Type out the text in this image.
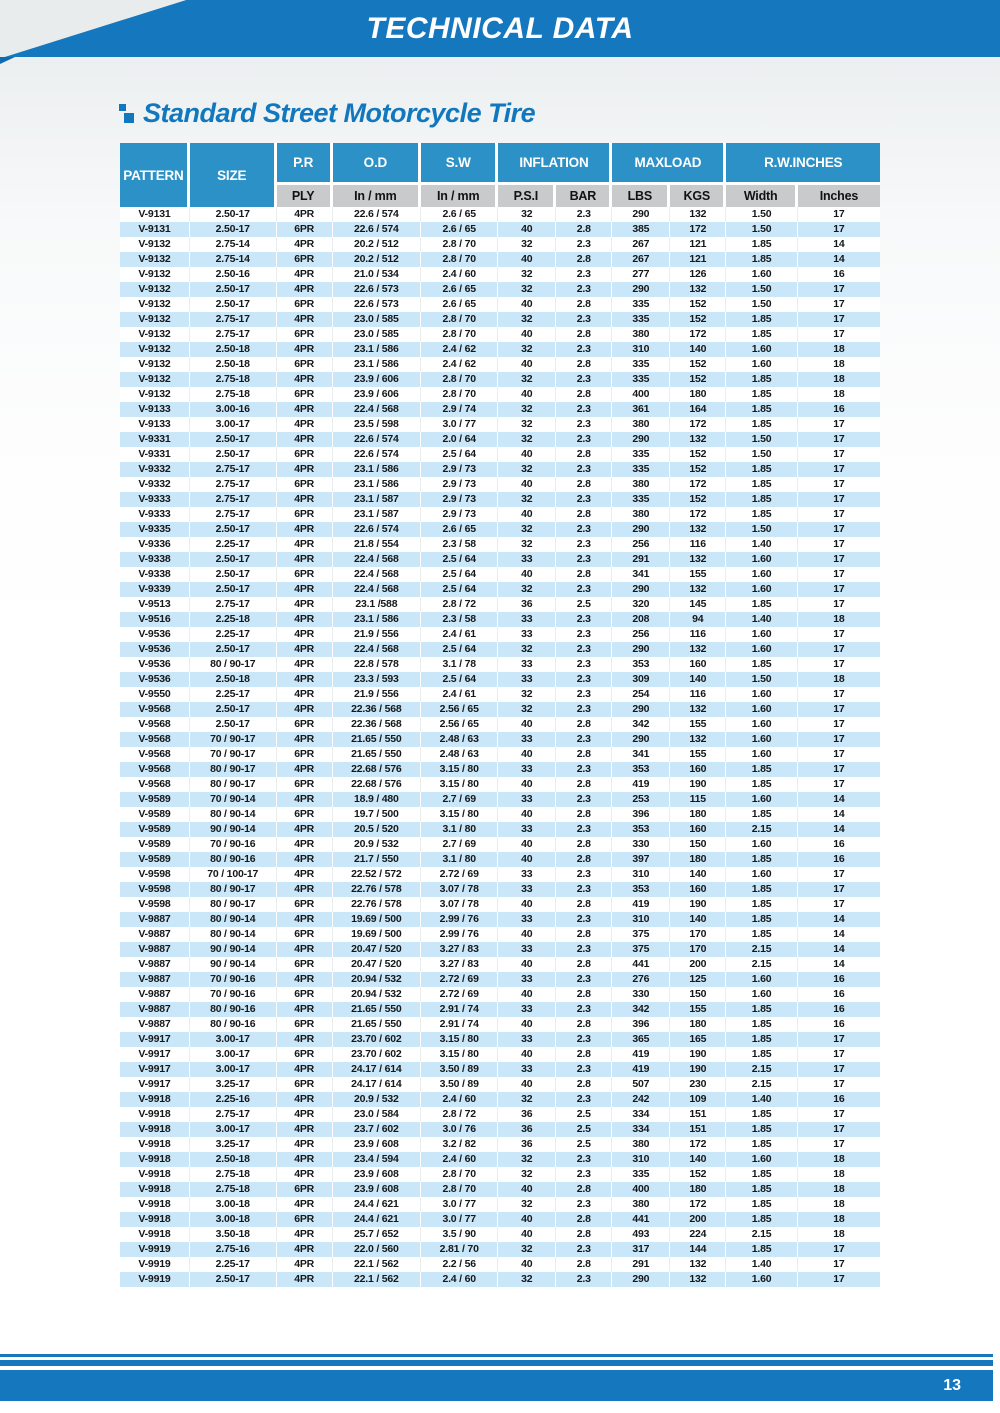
TECHNICAL DATA
Standard Street Motorcycle Tire
PATTERN	SIZE	P.R	O.D	S.W	INFLATION		MAXLOAD		R.W.INCHES	
		PLY	In / mm	In / mm	P.S.I	BAR	LBS	KGS	Width	Inches
V-9131	2.50-17	4PR	22.6 / 574	2.6 / 65	32	2.3	290	132	1.50	17
V-9131	2.50-17	6PR	22.6 / 574	2.6 / 65	40	2.8	385	172	1.50	17
V-9132	2.75-14	4PR	20.2 / 512	2.8 / 70	32	2.3	267	121	1.85	14
V-9132	2.75-14	6PR	20.2 / 512	2.8 / 70	40	2.8	267	121	1.85	14
V-9132	2.50-16	4PR	21.0 / 534	2.4 / 60	32	2.3	277	126	1.60	16
V-9132	2.50-17	4PR	22.6 / 573	2.6 / 65	32	2.3	290	132	1.50	17
V-9132	2.50-17	6PR	22.6 / 573	2.6 / 65	40	2.8	335	152	1.50	17
V-9132	2.75-17	4PR	23.0 / 585	2.8 / 70	32	2.3	335	152	1.85	17
V-9132	2.75-17	6PR	23.0 / 585	2.8 / 70	40	2.8	380	172	1.85	17
V-9132	2.50-18	4PR	23.1 / 586	2.4 / 62	32	2.3	310	140	1.60	18
V-9132	2.50-18	6PR	23.1 / 586	2.4 / 62	40	2.8	335	152	1.60	18
V-9132	2.75-18	4PR	23.9 / 606	2.8 / 70	32	2.3	335	152	1.85	18
V-9132	2.75-18	6PR	23.9 / 606	2.8 / 70	40	2.8	400	180	1.85	18
V-9133	3.00-16	4PR	22.4 / 568	2.9 / 74	32	2.3	361	164	1.85	16
V-9133	3.00-17	4PR	23.5 / 598	3.0 / 77	32	2.3	380	172	1.85	17
V-9331	2.50-17	4PR	22.6 / 574	2.0 / 64	32	2.3	290	132	1.50	17
V-9331	2.50-17	6PR	22.6 / 574	2.5 / 64	40	2.8	335	152	1.50	17
V-9332	2.75-17	4PR	23.1 / 586	2.9 / 73	32	2.3	335	152	1.85	17
V-9332	2.75-17	6PR	23.1 / 586	2.9 / 73	40	2.8	380	172	1.85	17
V-9333	2.75-17	4PR	23.1 / 587	2.9 / 73	32	2.3	335	152	1.85	17
V-9333	2.75-17	6PR	23.1 / 587	2.9 / 73	40	2.8	380	172	1.85	17
V-9335	2.50-17	4PR	22.6 / 574	2.6 / 65	32	2.3	290	132	1.50	17
V-9336	2.25-17	4PR	21.8 / 554	2.3 / 58	32	2.3	256	116	1.40	17
V-9338	2.50-17	4PR	22.4 / 568	2.5 / 64	33	2.3	291	132	1.60	17
V-9338	2.50-17	6PR	22.4 / 568	2.5 / 64	40	2.8	341	155	1.60	17
V-9339	2.50-17	4PR	22.4 / 568	2.5 / 64	32	2.3	290	132	1.60	17
V-9513	2.75-17	4PR	23.1 /588	2.8 / 72	36	2.5	320	145	1.85	17
V-9516	2.25-18	4PR	23.1 / 586	2.3 / 58	33	2.3	208	94	1.40	18
V-9536	2.25-17	4PR	21.9 / 556	2.4 / 61	33	2.3	256	116	1.60	17
V-9536	2.50-17	4PR	22.4 / 568	2.5 / 64	32	2.3	290	132	1.60	17
V-9536	80 / 90-17	4PR	22.8 / 578	3.1 / 78	33	2.3	353	160	1.85	17
V-9536	2.50-18	4PR	23.3 / 593	2.5 / 64	33	2.3	309	140	1.50	18
V-9550	2.25-17	4PR	21.9 / 556	2.4 / 61	32	2.3	254	116	1.60	17
V-9568	2.50-17	4PR	22.36 / 568	2.56 / 65	32	2.3	290	132	1.60	17
V-9568	2.50-17	6PR	22.36 / 568	2.56 / 65	40	2.8	342	155	1.60	17
V-9568	70 / 90-17	4PR	21.65 / 550	2.48 / 63	33	2.3	290	132	1.60	17
V-9568	70 / 90-17	6PR	21.65 / 550	2.48 / 63	40	2.8	341	155	1.60	17
V-9568	80 / 90-17	4PR	22.68 / 576	3.15 / 80	33	2.3	353	160	1.85	17
V-9568	80 / 90-17	6PR	22.68 / 576	3.15 / 80	40	2.8	419	190	1.85	17
V-9589	70 / 90-14	4PR	18.9 / 480	2.7 / 69	33	2.3	253	115	1.60	14
V-9589	80 / 90-14	6PR	19.7 / 500	3.15 / 80	40	2.8	396	180	1.85	14
V-9589	90 / 90-14	4PR	20.5 / 520	3.1 / 80	33	2.3	353	160	2.15	14
V-9589	70 / 90-16	4PR	20.9 / 532	2.7 / 69	40	2.8	330	150	1.60	16
V-9589	80 / 90-16	4PR	21.7 / 550	3.1 / 80	40	2.8	397	180	1.85	16
V-9598	70 / 100-17	4PR	22.52 / 572	2.72 / 69	33	2.3	310	140	1.60	17
V-9598	80 / 90-17	4PR	22.76 / 578	3.07 / 78	33	2.3	353	160	1.85	17
V-9598	80 / 90-17	6PR	22.76 / 578	3.07 / 78	40	2.8	419	190	1.85	17
V-9887	80 / 90-14	4PR	19.69 / 500	2.99 / 76	33	2.3	310	140	1.85	14
V-9887	80 / 90-14	6PR	19.69 / 500	2.99 / 76	40	2.8	375	170	1.85	14
V-9887	90 / 90-14	4PR	20.47 / 520	3.27 / 83	33	2.3	375	170	2.15	14
V-9887	90 / 90-14	6PR	20.47 / 520	3.27 / 83	40	2.8	441	200	2.15	14
V-9887	70 / 90-16	4PR	20.94 / 532	2.72 / 69	33	2.3	276	125	1.60	16
V-9887	70 / 90-16	6PR	20.94 / 532	2.72 / 69	40	2.8	330	150	1.60	16
V-9887	80 / 90-16	4PR	21.65 / 550	2.91 / 74	33	2.3	342	155	1.85	16
V-9887	80 / 90-16	6PR	21.65 / 550	2.91 / 74	40	2.8	396	180	1.85	16
V-9917	3.00-17	4PR	23.70 / 602	3.15 / 80	33	2.3	365	165	1.85	17
V-9917	3.00-17	6PR	23.70 / 602	3.15 / 80	40	2.8	419	190	1.85	17
V-9917	3.00-17	4PR	24.17 / 614	3.50 / 89	33	2.3	419	190	2.15	17
V-9917	3.25-17	6PR	24.17 / 614	3.50 / 89	40	2.8	507	230	2.15	17
V-9918	2.25-16	4PR	20.9 / 532	2.4 / 60	32	2.3	242	109	1.40	16
V-9918	2.75-17	4PR	23.0 / 584	2.8 / 72	36	2.5	334	151	1.85	17
V-9918	3.00-17	4PR	23.7 / 602	3.0 / 76	36	2.5	334	151	1.85	17
V-9918	3.25-17	4PR	23.9 / 608	3.2 / 82	36	2.5	380	172	1.85	17
V-9918	2.50-18	4PR	23.4 / 594	2.4 / 60	32	2.3	310	140	1.60	18
V-9918	2.75-18	4PR	23.9 / 608	2.8 / 70	32	2.3	335	152	1.85	18
V-9918	2.75-18	6PR	23.9 / 608	2.8 / 70	40	2.8	400	180	1.85	18
V-9918	3.00-18	4PR	24.4 / 621	3.0 / 77	32	2.3	380	172	1.85	18
V-9918	3.00-18	6PR	24.4 / 621	3.0 / 77	40	2.8	441	200	1.85	18
V-9918	3.50-18	4PR	25.7 / 652	3.5 / 90	40	2.8	493	224	2.15	18
V-9919	2.75-16	4PR	22.0 / 560	2.81 / 70	32	2.3	317	144	1.85	17
V-9919	2.25-17	4PR	22.1 / 562	2.2 / 56	40	2.8	291	132	1.40	17
V-9919	2.50-17	4PR	22.1 / 562	2.4 / 60	32	2.3	290	132	1.60	17
13
